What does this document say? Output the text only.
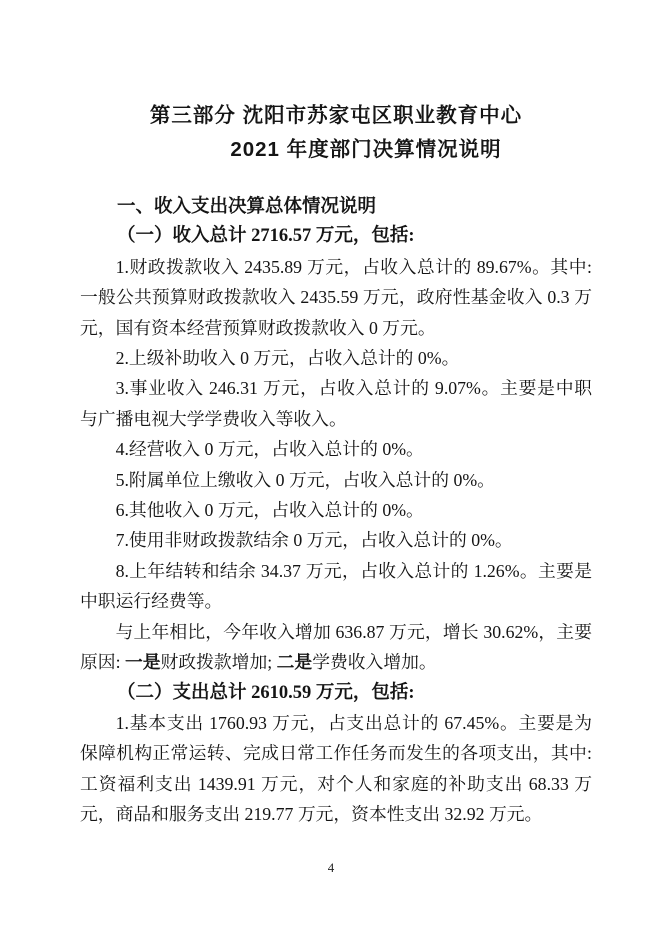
第三部分 沈阳市苏家屯区职业教育中心
2021 年度部门决算情况说明
一、收入支出决算总体情况说明
（一）收入总计 2716.57 万元，包括:

1.财政拨款收入 2435.89 万元，占收入总计的 89.67%。其中: 一般公共预算财政拨款收入 2435.59 万元，政府性基金收入 0.3 万元，国有资本经营预算财政拨款收入 0 万元。

2.上级补助收入 0 万元，占收入总计的 0%。

3.事业收入 246.31 万元，占收入总计的 9.07%。主要是中职与广播电视大学学费收入等收入。

4.经营收入 0 万元，占收入总计的 0%。

5.附属单位上缴收入 0 万元，占收入总计的 0%。

6.其他收入 0 万元，占收入总计的 0%。

7.使用非财政拨款结余 0 万元，占收入总计的 0%。

8.上年结转和结余 34.37 万元，占收入总计的 1.26%。主要是中职运行经费等。

与上年相比，今年收入增加 636.87 万元，增长 30.62%，主要原因: 一是财政拨款增加; 二是学费收入增加。

（二）支出总计 2610.59 万元，包括:

1.基本支出 1760.93 万元，占支出总计的 67.45%。主要是为保障机构正常运转、完成日常工作任务而发生的各项支出，其中: 工资福利支出 1439.91 万元，对个人和家庭的补助支出 68.33 万元，商品和服务支出 219.77 万元，资本性支出 32.92 万元。

4
